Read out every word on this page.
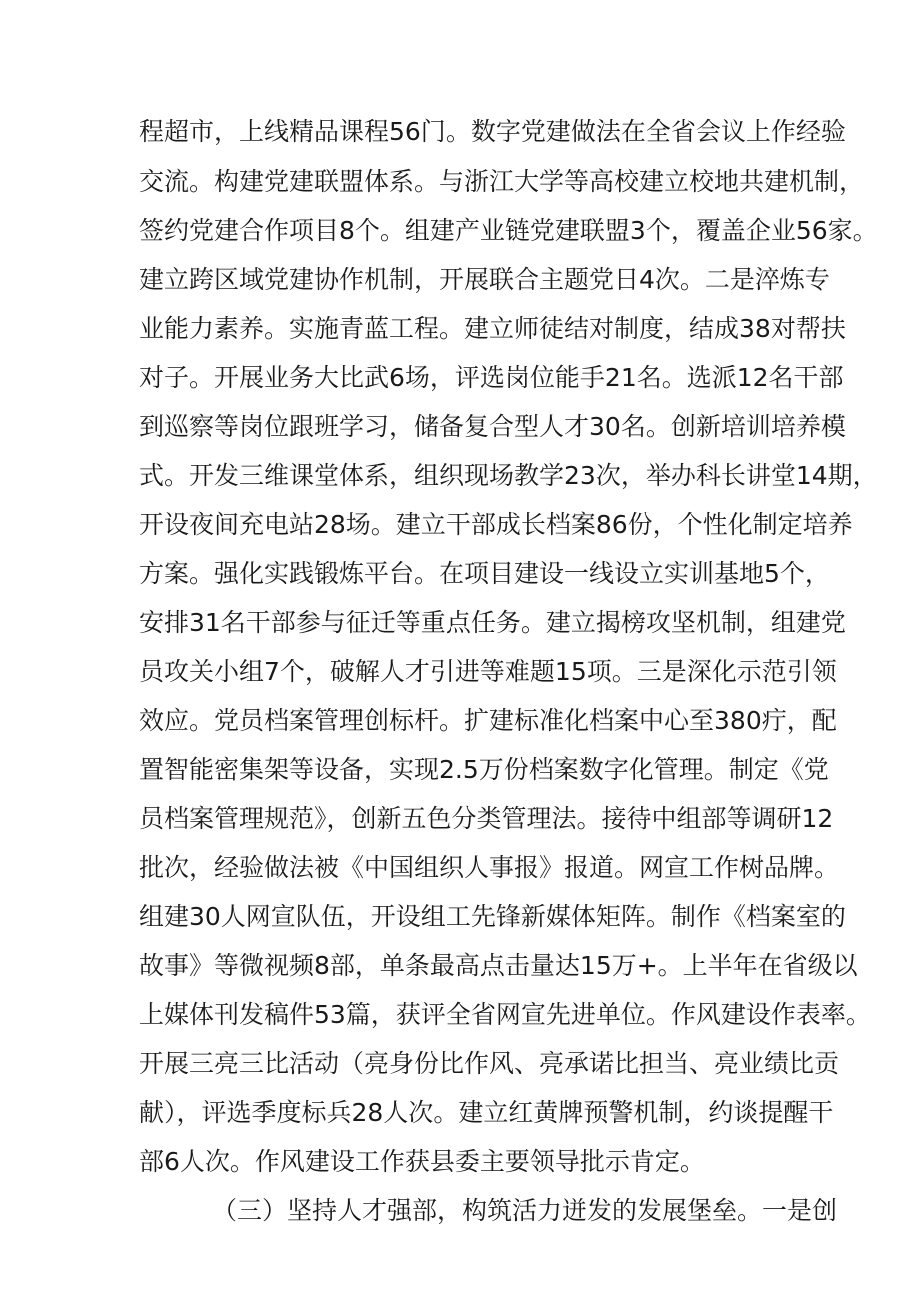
程超市，上线精品课程56门。数字党建做法在全省会议上作经验
交流。构建党建联盟体系。与浙江大学等高校建立校地共建机制，
签约党建合作项目8个。组建产业链党建联盟3个，覆盖企业56家。
建立跨区域党建协作机制，开展联合主题党日4次。二是淬炼专
业能力素养。实施青蓝工程。建立师徒结对制度，结成38对帮扶
对子。开展业务大比武6场，评选岗位能手21名。选派12名干部
到巡察等岗位跟班学习，储备复合型人才30名。创新培训培养模
式。开发三维课堂体系，组织现场教学23次，举办科长讲堂14期，
开设夜间充电站28场。建立干部成长档案86份，个性化制定培养
方案。强化实践锻炼平台。在项目建设一线设立实训基地5个，
安排31名干部参与征迁等重点任务。建立揭榜攻坚机制，组建党
员攻关小组7个，破解人才引进等难题15项。三是深化示范引领
效应。党员档案管理创标杆。扩建标准化档案中心至380疔，配
置智能密集架等设备，实现2.5万份档案数字化管理。制定《党
员档案管理规范》，创新五色分类管理法。接待中组部等调研12
批次，经验做法被《中国组织人事报》报道。网宣工作树品牌。
组建30人网宣队伍，开设组工先锋新媒体矩阵。制作《档案室的
故事》等微视频8部，单条最高点击量达15万+。上半年在省级以
上媒体刊发稿件53篇，获评全省网宣先进单位。作风建设作表率。
开展三亮三比活动（亮身份比作风、亮承诺比担当、亮业绩比贡
献），评选季度标兵28人次。建立红黄牌预警机制，约谈提醒干
部6人次。作风建设工作获县委主要领导批示肯定。
（三）坚持人才强部，构筑活力迸发的发展堡垒。一是创
